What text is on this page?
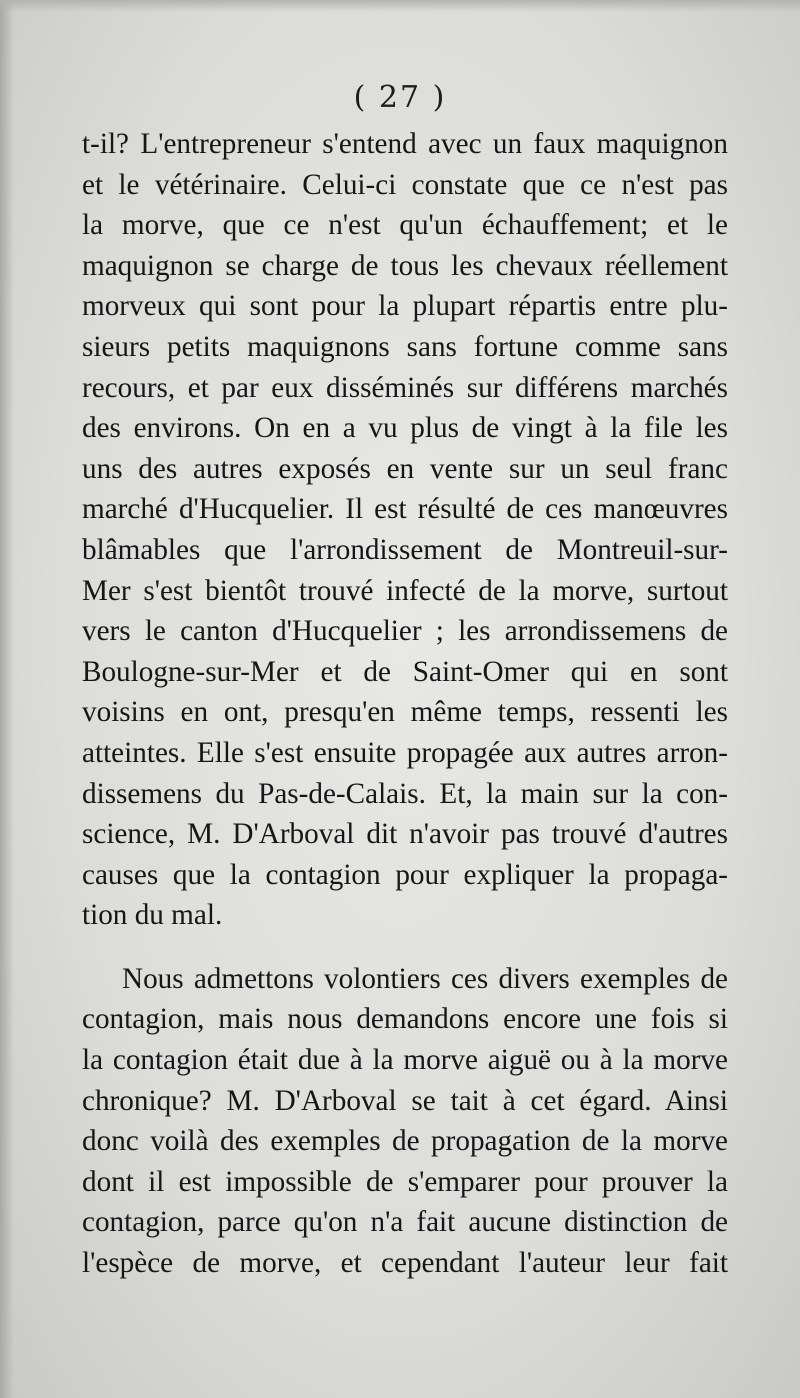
( 27 )
t-il? L'entrepreneur s'entend avec un faux maquignon
et le vétérinaire. Celui-ci constate que ce n'est pas
la morve, que ce n'est qu'un échauffement; et le
maquignon se charge de tous les chevaux réellement
morveux qui sont pour la plupart répartis entre plu-
sieurs petits maquignons sans fortune comme sans
recours, et par eux disséminés sur différens marchés
des environs. On en a vu plus de vingt à la file les
uns des autres exposés en vente sur un seul franc
marché d'Hucquelier. Il est résulté de ces manœuvres
blâmables que l'arrondissement de Montreuil-sur-
Mer s'est bientôt trouvé infecté de la morve, surtout
vers le canton d'Hucquelier ; les arrondissemens de
Boulogne-sur-Mer et de Saint-Omer qui en sont
voisins en ont, presqu'en même temps, ressenti les
atteintes. Elle s'est ensuite propagée aux autres arron-
dissemens du Pas-de-Calais. Et, la main sur la con-
science, M. D'Arboval dit n'avoir pas trouvé d'autres
causes que la contagion pour expliquer la propaga-
tion du mal.
Nous admettons volontiers ces divers exemples de
contagion, mais nous demandons encore une fois si
la contagion était due à la morve aiguë ou à la morve
chronique? M. D'Arboval se tait à cet égard. Ainsi
donc voilà des exemples de propagation de la morve
dont il est impossible de s'emparer pour prouver la
contagion, parce qu'on n'a fait aucune distinction de
l'espèce de morve, et cependant l'auteur leur fait
